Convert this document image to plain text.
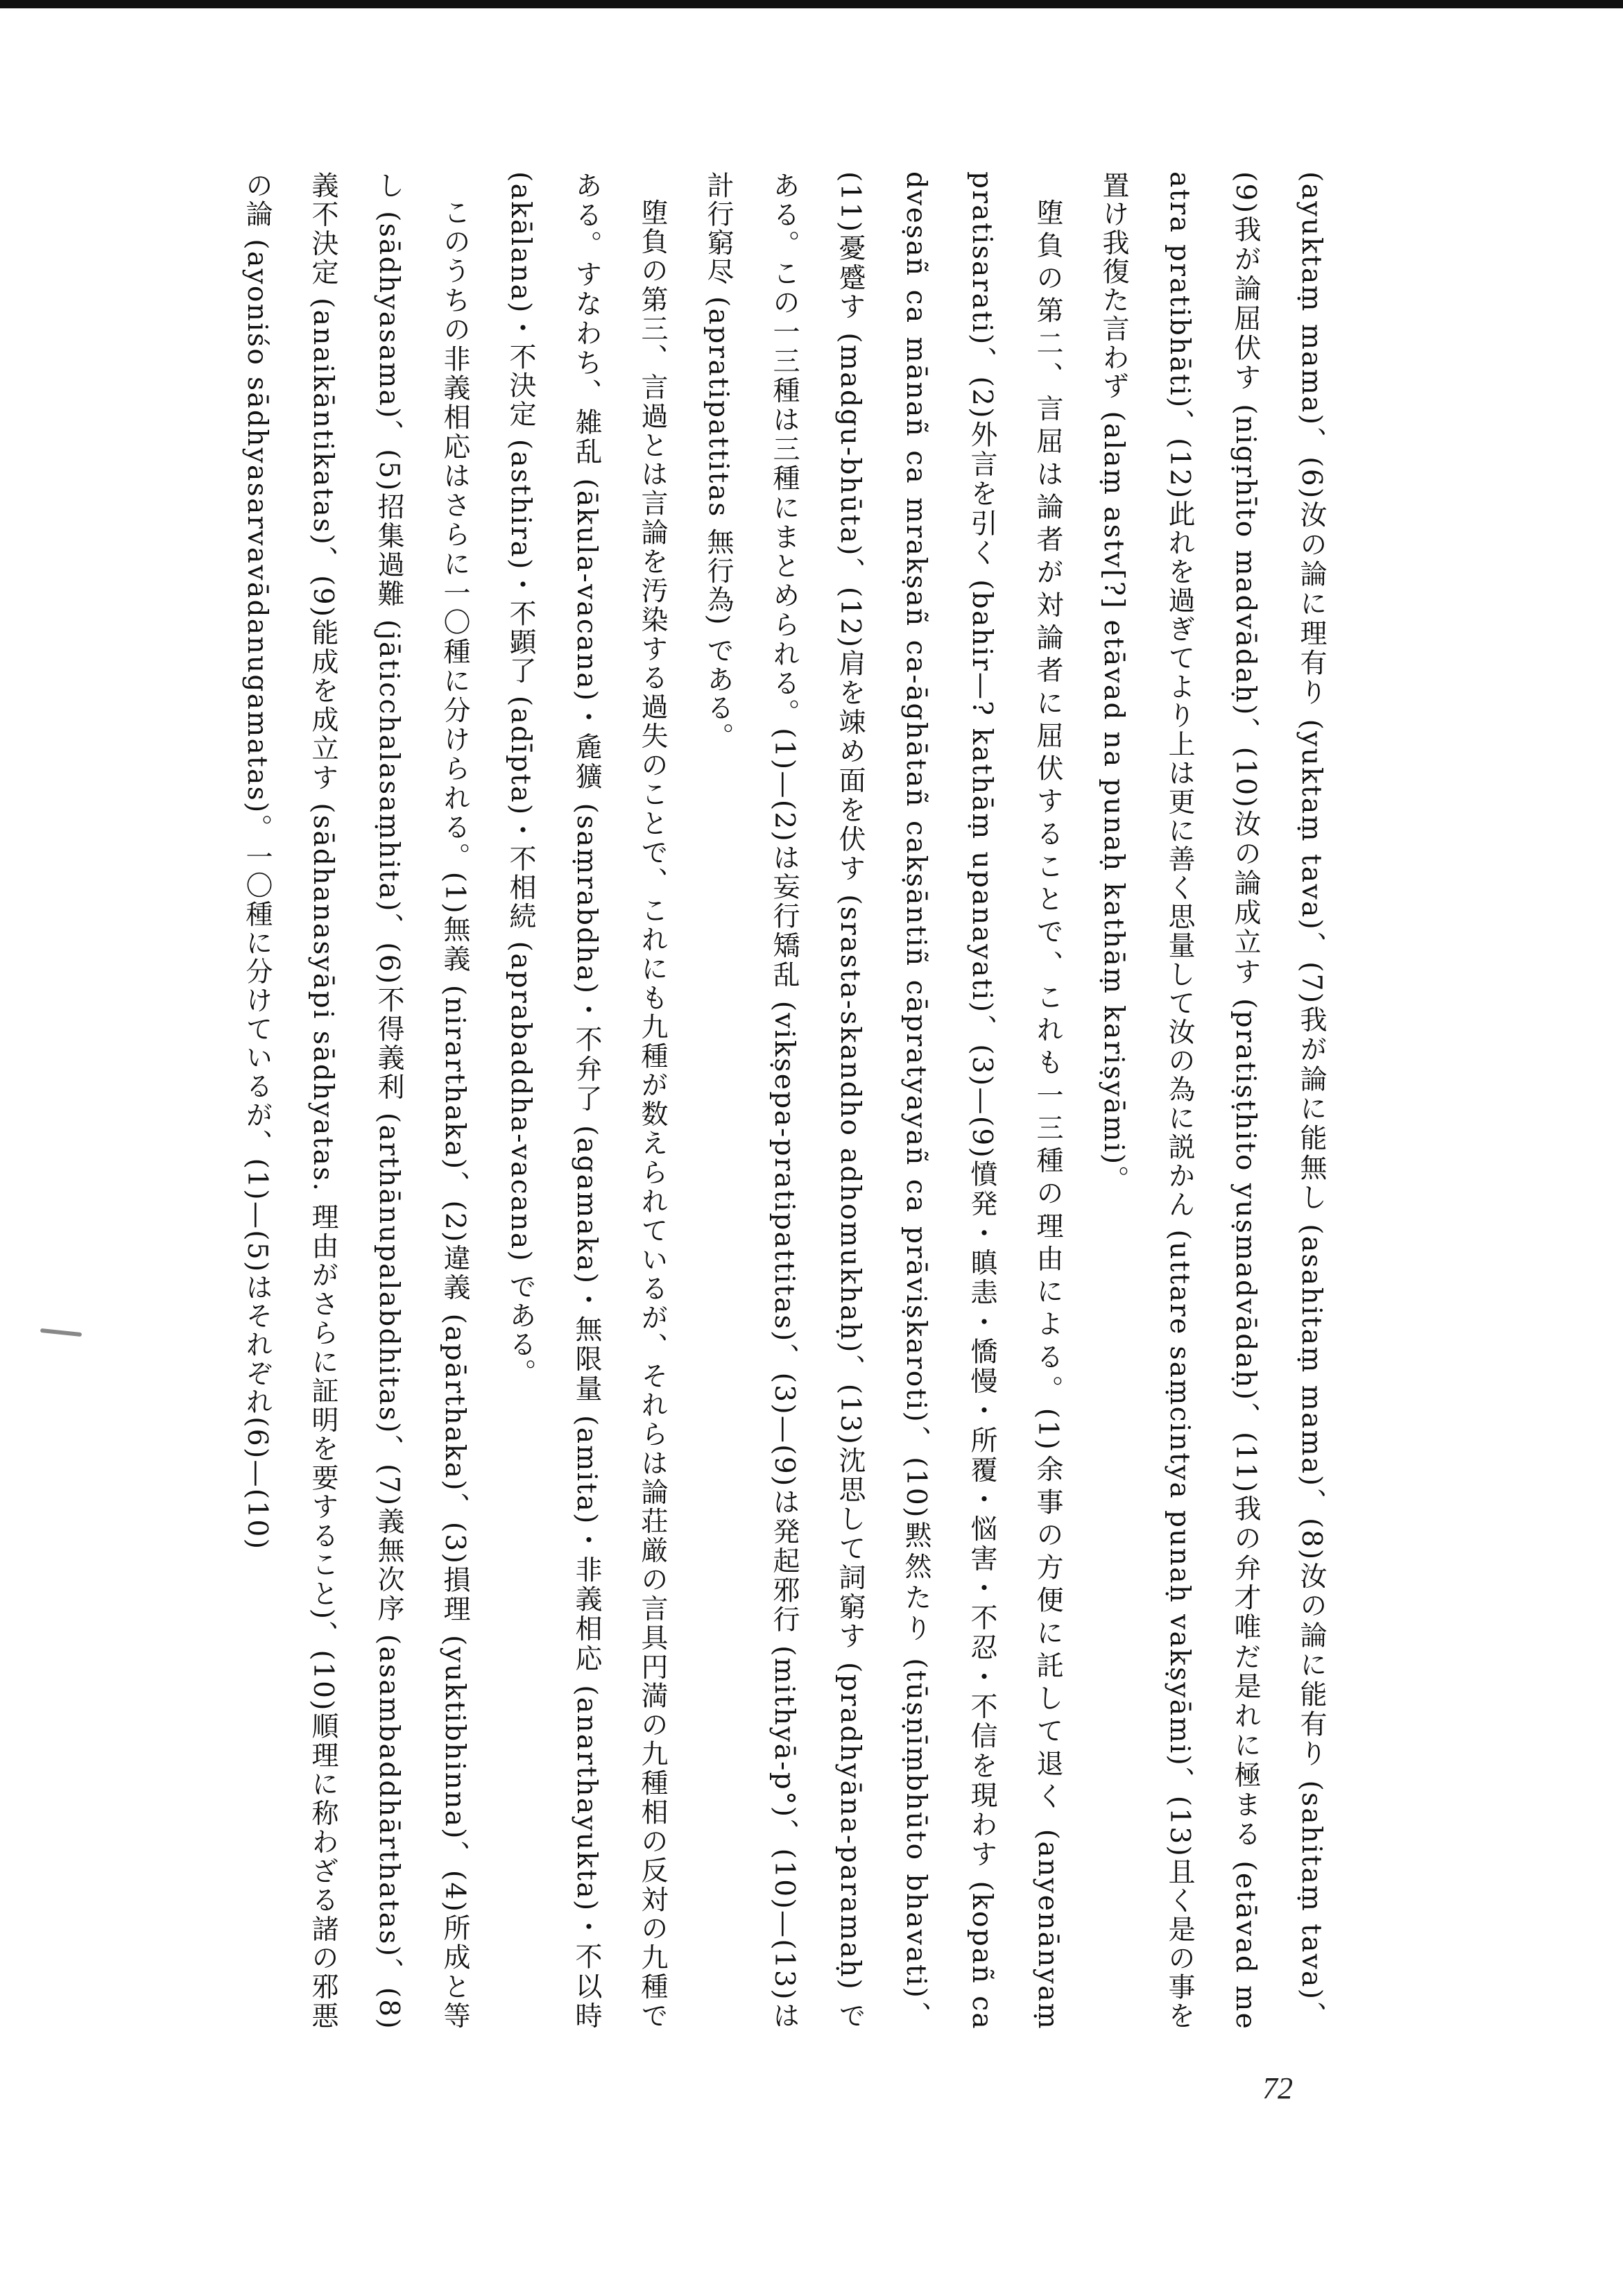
(ayuktaṃ mama)、(6)汝の論に理有り (yuktaṃ tava)、(7)我が論に能無し (asahitaṃ mama)、(8)汝の論に能有り (sahitaṃ tava)、(9)我が論屈伏す (nigṛhīto madvādaḥ)、(10)汝の論成立す (pratiṣṭhito yuṣmadvādaḥ)、(11)我の弁才唯だ是れに極まる (etāvad me atra pratibhāti)、(12)此れを過ぎてより上は更に善く思量して汝の為に説かん (uttare saṃcintya punaḥ vakṣyāmi)、(13)且く是の事を置け我復た言わず (alaṃ astv[?] etāvad na punaḥ kathāṃ kariṣyāmi)。

堕負の第二、言屈は論者が対論者に屈伏することで、これも一三種の理由による。(1)余事の方便に託して退く (anyenānyaṃ pratisarati)、(2)外言を引く (bahir—? kathāṃ upanayati)、(3)—(9)憤発・瞋恚・憍慢・所覆・悩害・不忍・不信を現わす (kopañ ca dveṣañ ca mānañ ca mrakṣañ ca-āghātañ cakṣāntiñ cāpratyayañ ca prāviṣkaroti)、(10)黙然たり (tūṣṇīṃbhūto bhavati)、(11)憂蹙す (madgu-bhūta)、(12)肩を竦め面を伏す (srasta-skandho adhomukhaḥ)、(13)沈思して詞窮す (pradhyāna-paramaḥ) である。この一三種は三種にまとめられる。(1)—(2)は妄行矯乱 (vikṣepa-pratipattitas)、(3)—(9)は発起邪行 (mithyā-p°)、(10)—(13)は計行窮尽 (apratipattitas 無行為) である。

堕負の第三、言過とは言論を汚染する過失のことで、これにも九種が数えられているが、それらは論荘厳の言具円満の九種相の反対の九種である。すなわち、雑乱 (ākula-vacana)・麁獷 (saṃrabdha)・不弁了 (agamaka)・無限量 (amita)・非義相応 (anarthayukta)・不以時 (akālana)・不決定 (asthira)・不顕了 (adīpta)・不相続 (aprabaddha-vacana) である。

このうちの非義相応はさらに一〇種に分けられる。(1)無義 (nirarthaka)、(2)違義 (apārthaka)、(3)損理 (yuktibhinna)、(4)所成と等し (sādhyasama)、(5)招集過難 (jāticchalasaṃhita)、(6)不得義利 (arthānupalabdhitas)、(7)義無次序 (asambaddhārthatas)、(8)義不決定 (anaikāntikatas)、(9)能成を成立す (sādhanasyāpi sādhyatas. 理由がさらに証明を要すること)、(10)順理に称わざる諸の邪悪の論 (ayoniśo sādhyasarvavādanugamatas)。一〇種に分けているが、(1)—(5)はそれぞれ(6)—(10)

72
